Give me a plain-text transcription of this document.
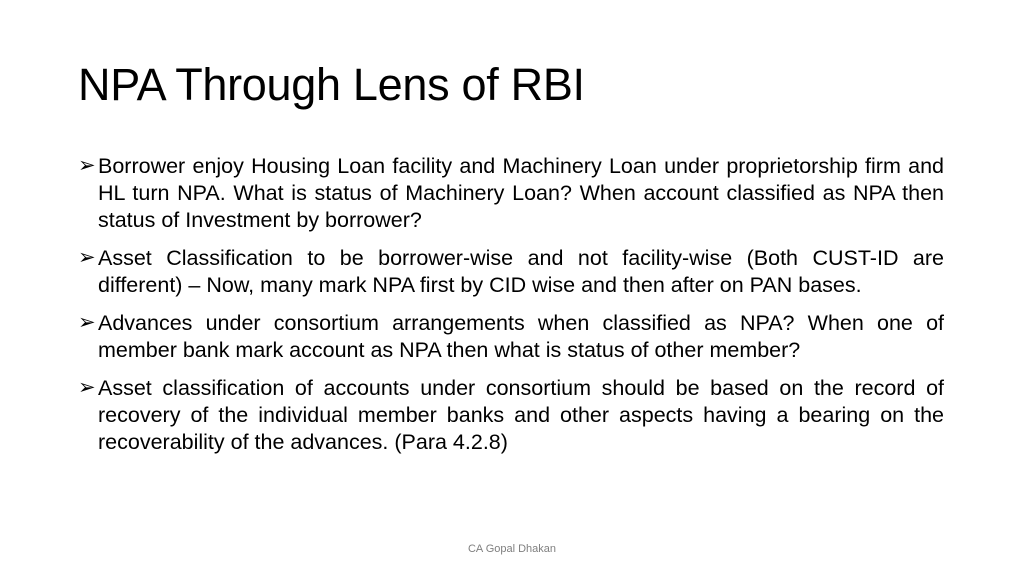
NPA Through Lens of RBI
➢ Borrower enjoy Housing Loan facility and Machinery Loan under proprietorship firm and HL turn NPA. What is status of Machinery Loan? When account classified as NPA then status of Investment by borrower?
➢ Asset Classification to be borrower-wise and not facility-wise (Both CUST-ID are different) – Now, many mark NPA first by CID wise and then after on PAN bases.
➢ Advances under consortium arrangements when classified as NPA? When one of member bank mark account as NPA then what is status of other member?
➢ Asset classification of accounts under consortium should be based on the record of recovery of the individual member banks and other aspects having a bearing on the recoverability of the advances. (Para 4.2.8)
CA Gopal Dhakan
